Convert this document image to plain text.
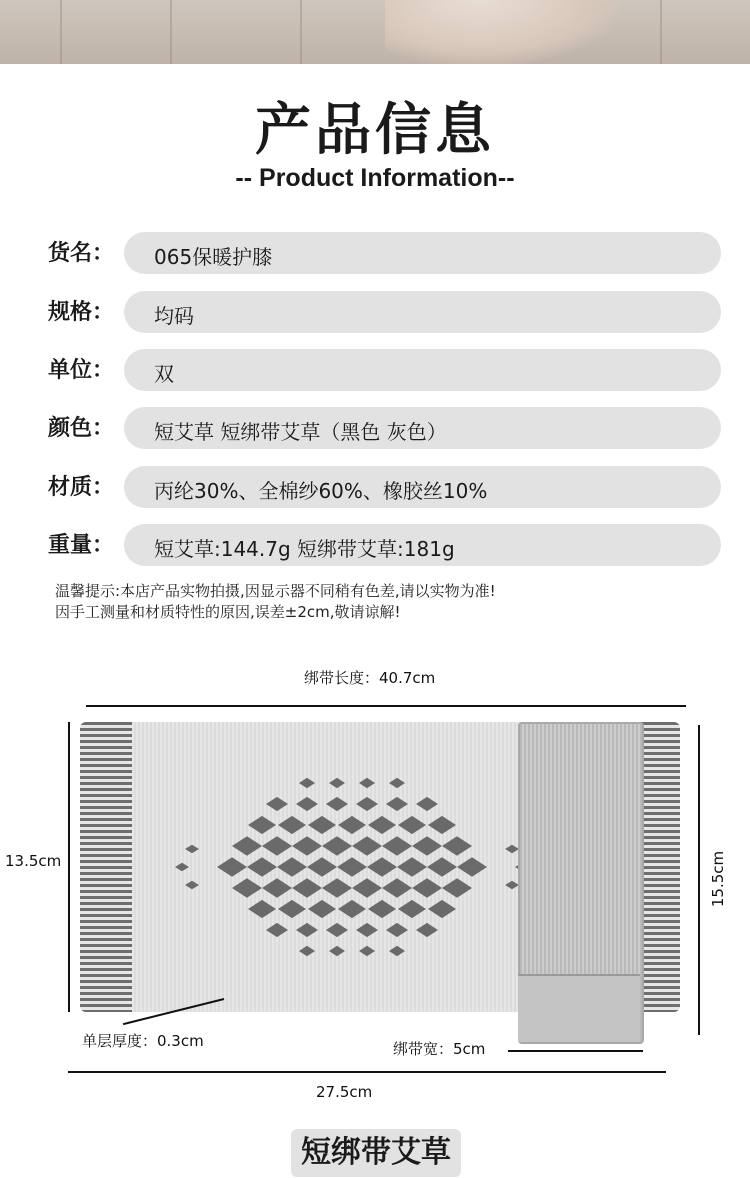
产品信息
-- Product Information--
货名： 065保暖护膝
规格： 均码
单位： 双
颜色： 短艾草 短绑带艾草（黑色 灰色）
材质： 丙纶30%、全棉纱60%、橡胶丝10%
重量： 短艾草:144.7g 短绑带艾草:181g
温馨提示:本店产品实物拍摄,因显示器不同稍有色差,请以实物为准!
因手工测量和材质特性的原因,误差±2cm,敬请谅解!
绑带长度：40.7cm
13.5cm	15.5cm
单层厚度：0.3cm	绑带宽：5cm
27.5cm
短绑带艾草
